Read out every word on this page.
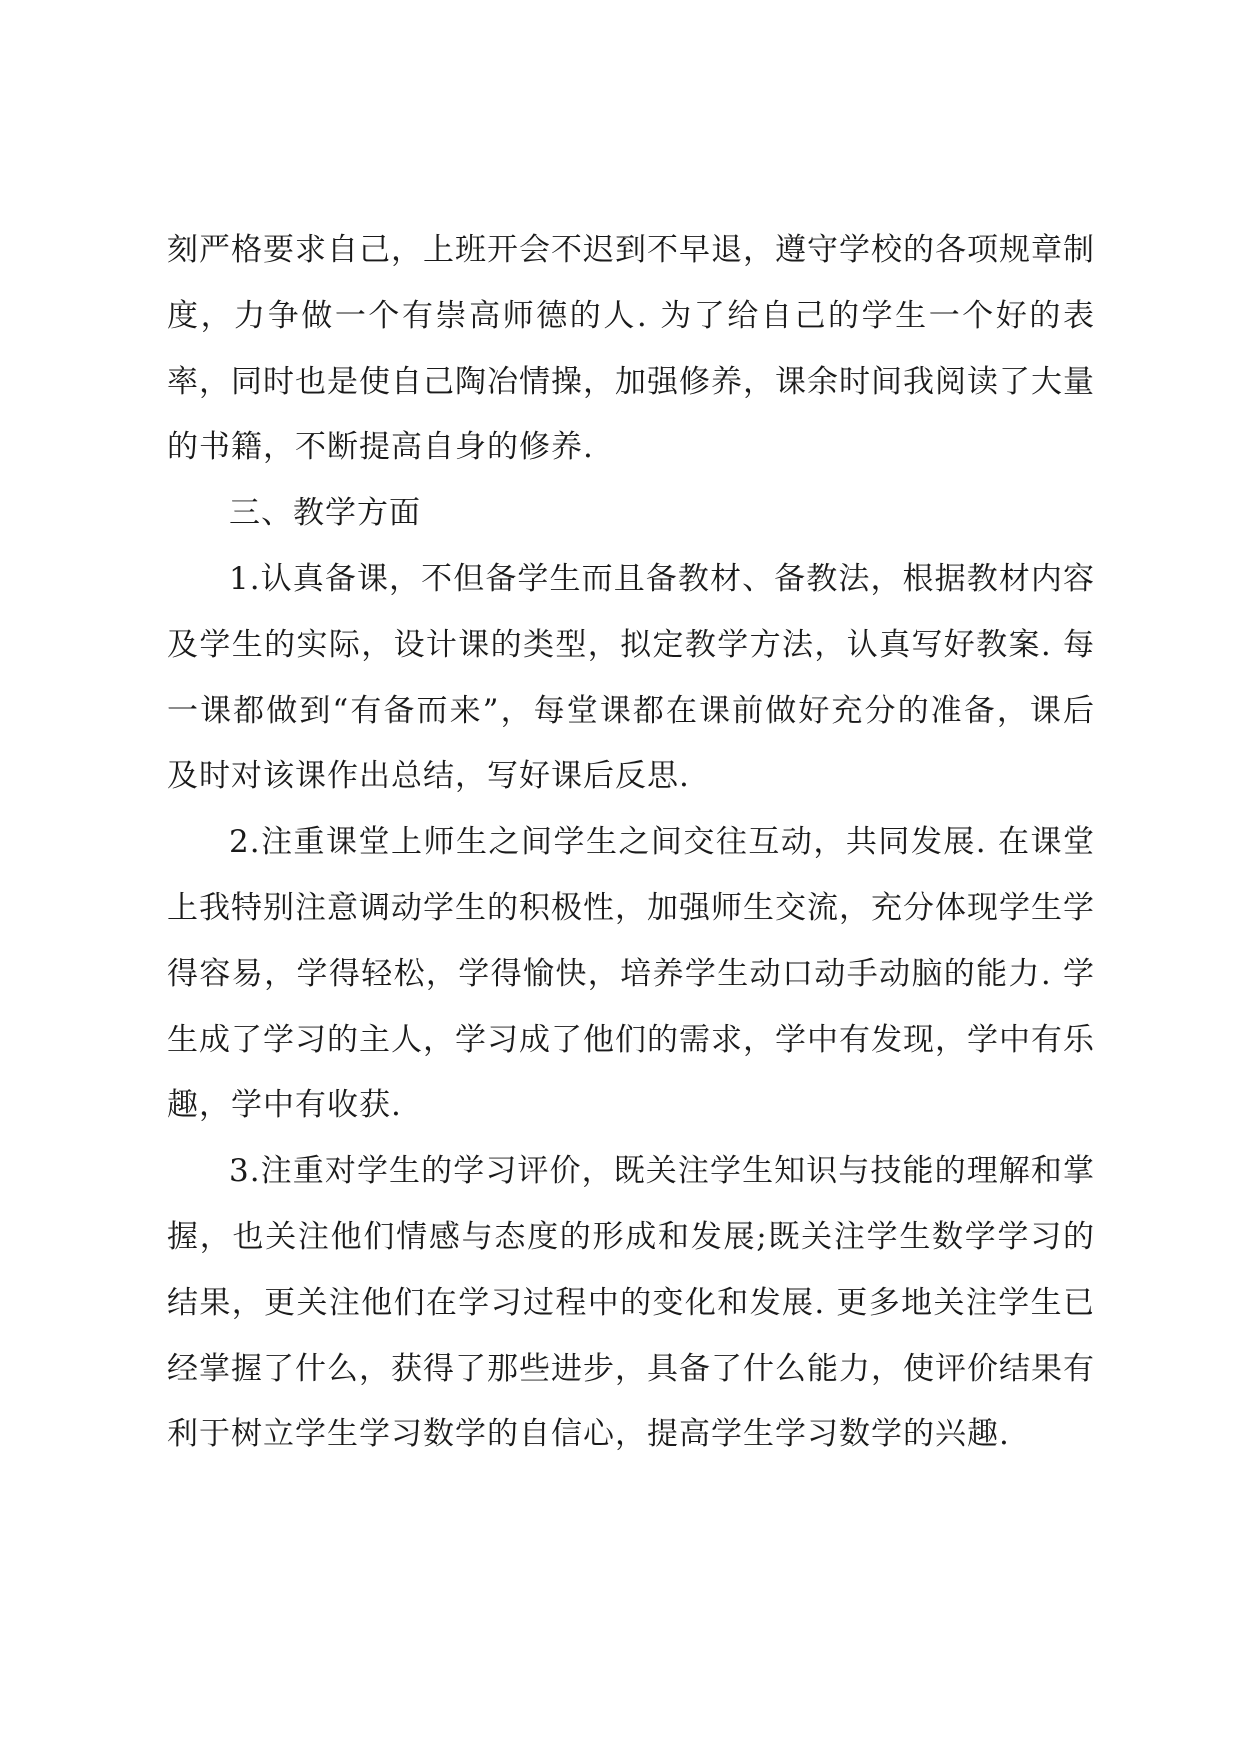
刻严格要求自己，上班开会不迟到不早退，遵守学校的各项规章制度，力争做一个有崇高师德的人. 为了给自己的学生一个好的表率，同时也是使自己陶冶情操，加强修养，课余时间我阅读了大量的书籍，不断提高自身的修养.

三、教学方面

1.认真备课，不但备学生而且备教材、备教法，根据教材内容及学生的实际，设计课的类型，拟定教学方法，认真写好教案. 每一课都做到“有备而来”，每堂课都在课前做好充分的准备，课后及时对该课作出总结，写好课后反思.

2.注重课堂上师生之间学生之间交往互动，共同发展. 在课堂上我特别注意调动学生的积极性，加强师生交流，充分体现学生学得容易，学得轻松，学得愉快，培养学生动口动手动脑的能力. 学生成了学习的主人，学习成了他们的需求，学中有发现，学中有乐趣，学中有收获.

3.注重对学生的学习评价，既关注学生知识与技能的理解和掌握，也关注他们情感与态度的形成和发展;既关注学生数学学习的结果，更关注他们在学习过程中的变化和发展. 更多地关注学生已经掌握了什么，获得了那些进步，具备了什么能力，使评价结果有利于树立学生学习数学的自信心，提高学生学习数学的兴趣.
